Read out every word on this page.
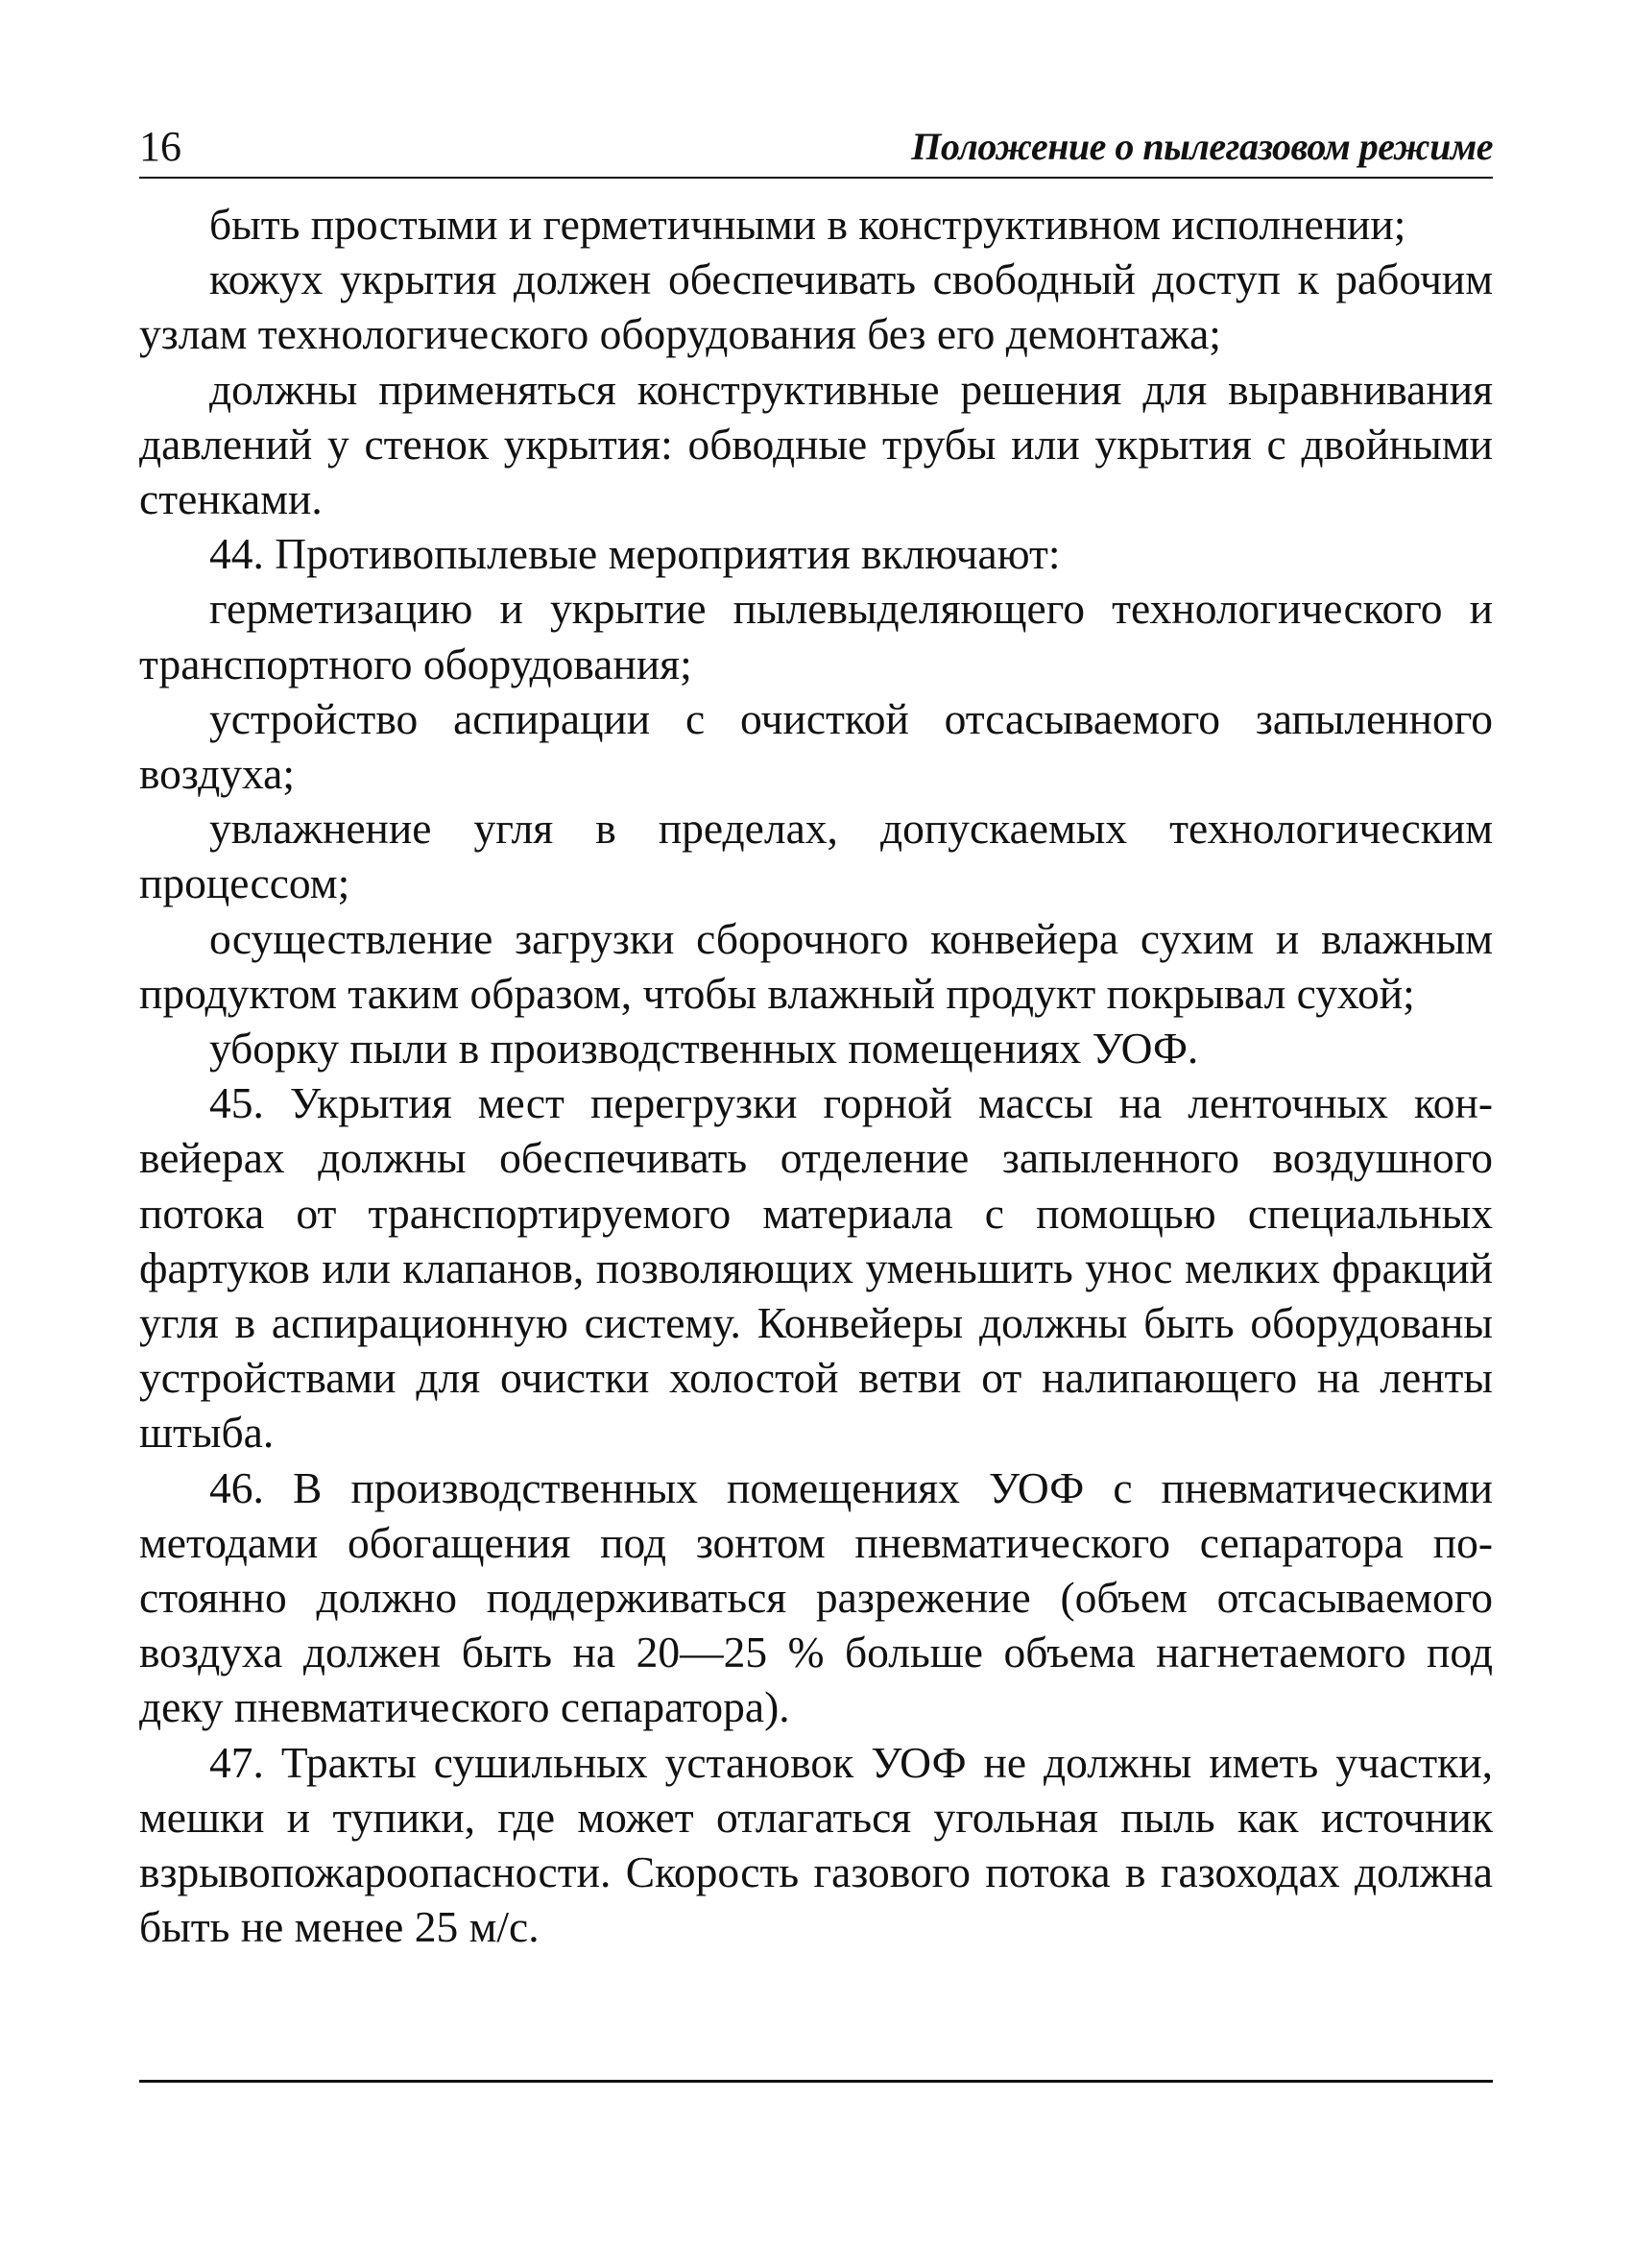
16	Положение о пылегазовом режиме

быть простыми и герметичными в конструктивном исполнении;

кожух укрытия должен обеспечивать свободный доступ к рабочим узлам технологического оборудования без его демонтажа;

должны применяться конструктивные решения для выравнивания давлений у стенок укрытия: обводные трубы или укрытия с двойными стенками.

44. Противопылевые мероприятия включают:

герметизацию и укрытие пылевыделяющего технологического и транспортного оборудования;

устройство аспирации с очисткой отсасываемого запыленного воздуха;

увлажнение угля в пределах, допускаемых технологическим процессом;

осуществление загрузки сборочного конвейера сухим и влажным продуктом таким образом, чтобы влажный продукт покрывал сухой;

уборку пыли в производственных помещениях УОФ.

45. Укрытия мест перегрузки горной массы на ленточных конвейерах должны обеспечивать отделение запыленного воздушного потока от транспортируемого материала с помощью специальных фартуков или клапанов, позволяющих уменьшить унос мелких фракций угля в аспирационную систему. Конвейеры должны быть оборудованы устройствами для очистки холостой ветви от налипающего на ленты штыба.

46. В производственных помещениях УОФ с пневматическими методами обогащения под зонтом пневматического сепаратора постоянно должно поддерживаться разрежение (объем отсасываемого воздуха должен быть на 20—25 % больше объема нагнетаемого под деку пневматического сепаратора).

47. Тракты сушильных установок УОФ не должны иметь участки, мешки и тупики, где может отлагаться угольная пыль как источник взрывопожароопасности. Скорость газового потока в газоходах должна быть не менее 25 м/с.
